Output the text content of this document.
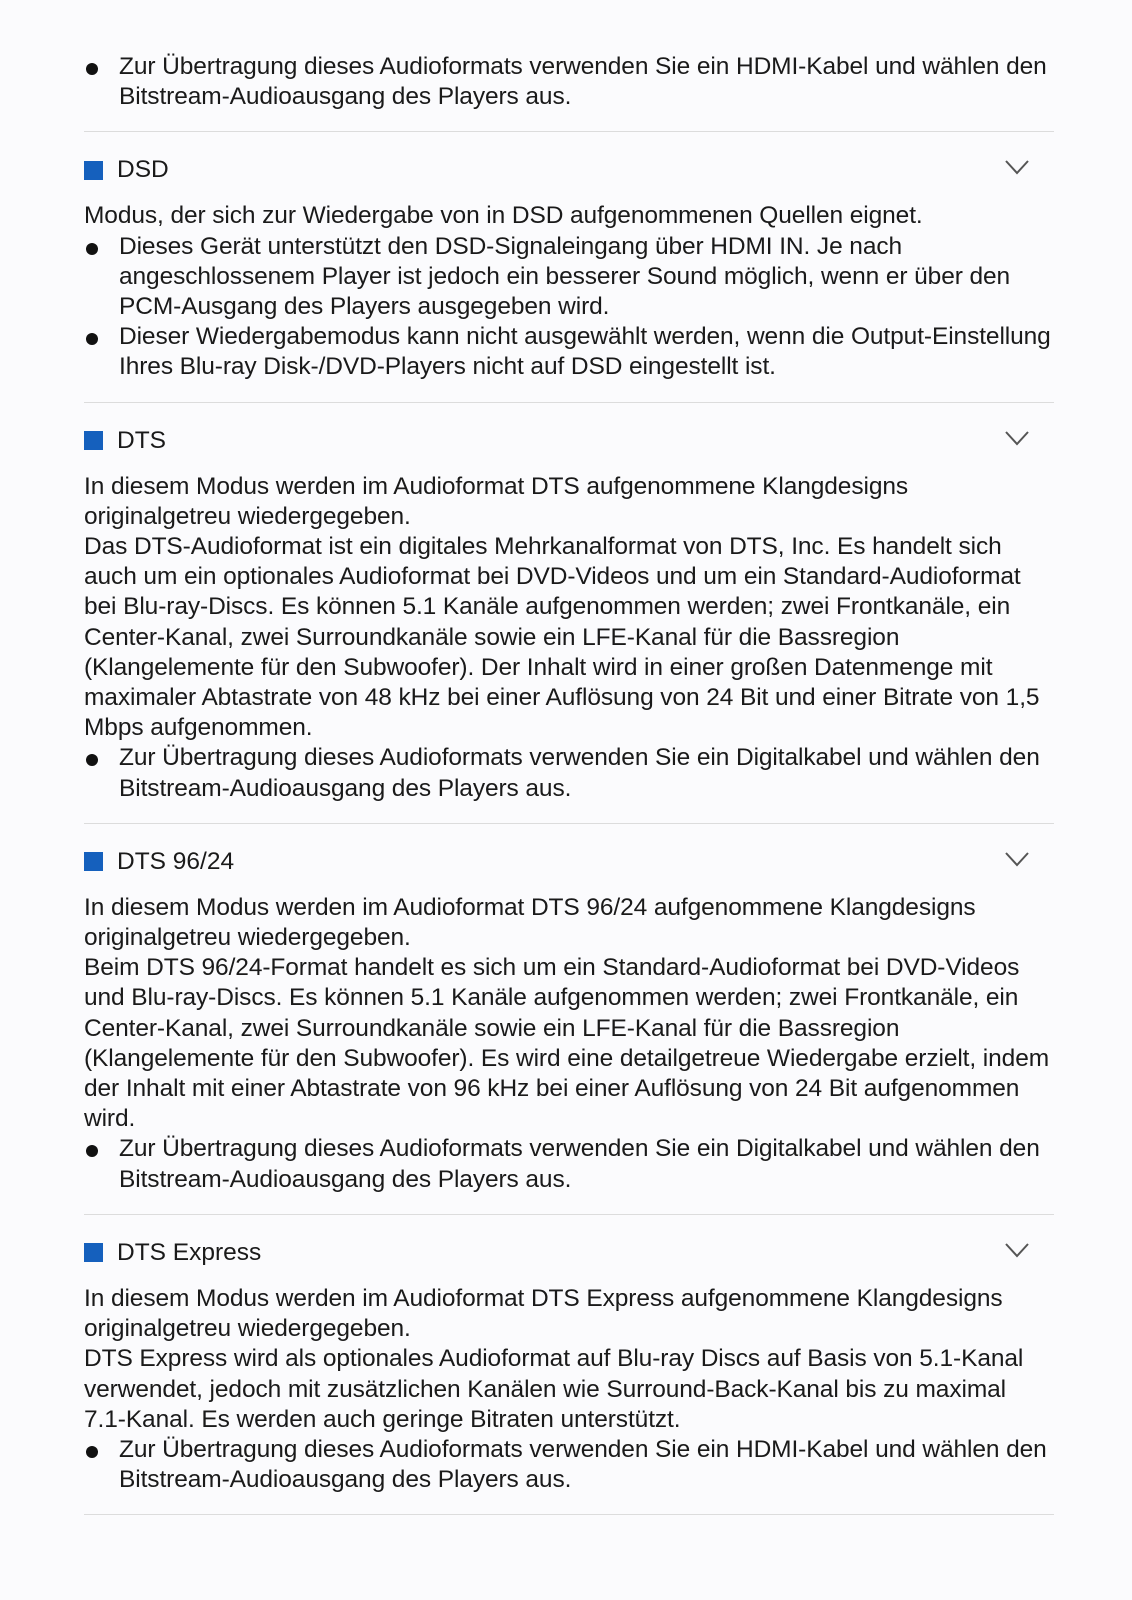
Zur Übertragung dieses Audioformats verwenden Sie ein HDMI-Kabel und wählen den Bitstream-Audioausgang des Players aus.
DSD

Modus, der sich zur Wiedergabe von in DSD aufgenommenen Quellen eignet.

Dieses Gerät unterstützt den DSD-Signaleingang über HDMI IN. Je nach angeschlossenem Player ist jedoch ein besserer Sound möglich, wenn er über den PCM-Ausgang des Players ausgegeben wird.
Dieser Wiedergabemodus kann nicht ausgewählt werden, wenn die Output-Einstellung Ihres Blu-ray Disk-/DVD-Players nicht auf DSD eingestellt ist.
DTS

In diesem Modus werden im Audioformat DTS aufgenommene Klangdesigns originalgetreu wiedergegeben.

Das DTS-Audioformat ist ein digitales Mehrkanalformat von DTS, Inc. Es handelt sich auch um ein optionales Audioformat bei DVD-Videos und um ein Standard-Audioformat bei Blu-ray-Discs. Es können 5.1 Kanäle aufgenommen werden; zwei Frontkanäle, ein Center-Kanal, zwei Surroundkanäle sowie ein LFE-Kanal für die Bassregion (Klangelemente für den Subwoofer). Der Inhalt wird in einer großen Datenmenge mit maximaler Abtastrate von 48 kHz bei einer Auflösung von 24 Bit und einer Bitrate von 1,5 Mbps aufgenommen.

Zur Übertragung dieses Audioformats verwenden Sie ein Digitalkabel und wählen den Bitstream-Audioausgang des Players aus.
DTS 96/24

In diesem Modus werden im Audioformat DTS 96/24 aufgenommene Klangdesigns originalgetreu wiedergegeben.

Beim DTS 96/24-Format handelt es sich um ein Standard-Audioformat bei DVD-Videos und Blu-ray-Discs. Es können 5.1 Kanäle aufgenommen werden; zwei Frontkanäle, ein Center-Kanal, zwei Surroundkanäle sowie ein LFE-Kanal für die Bassregion (Klangelemente für den Subwoofer). Es wird eine detailgetreue Wiedergabe erzielt, indem der Inhalt mit einer Abtastrate von 96 kHz bei einer Auflösung von 24 Bit aufgenommen wird.

Zur Übertragung dieses Audioformats verwenden Sie ein Digitalkabel und wählen den Bitstream-Audioausgang des Players aus.
DTS Express

In diesem Modus werden im Audioformat DTS Express aufgenommene Klangdesigns originalgetreu wiedergegeben.

DTS Express wird als optionales Audioformat auf Blu-ray Discs auf Basis von 5.1-Kanal verwendet, jedoch mit zusätzlichen Kanälen wie Surround-Back-Kanal bis zu maximal 7.1-Kanal. Es werden auch geringe Bitraten unterstützt.

Zur Übertragung dieses Audioformats verwenden Sie ein HDMI-Kabel und wählen den Bitstream-Audioausgang des Players aus.
